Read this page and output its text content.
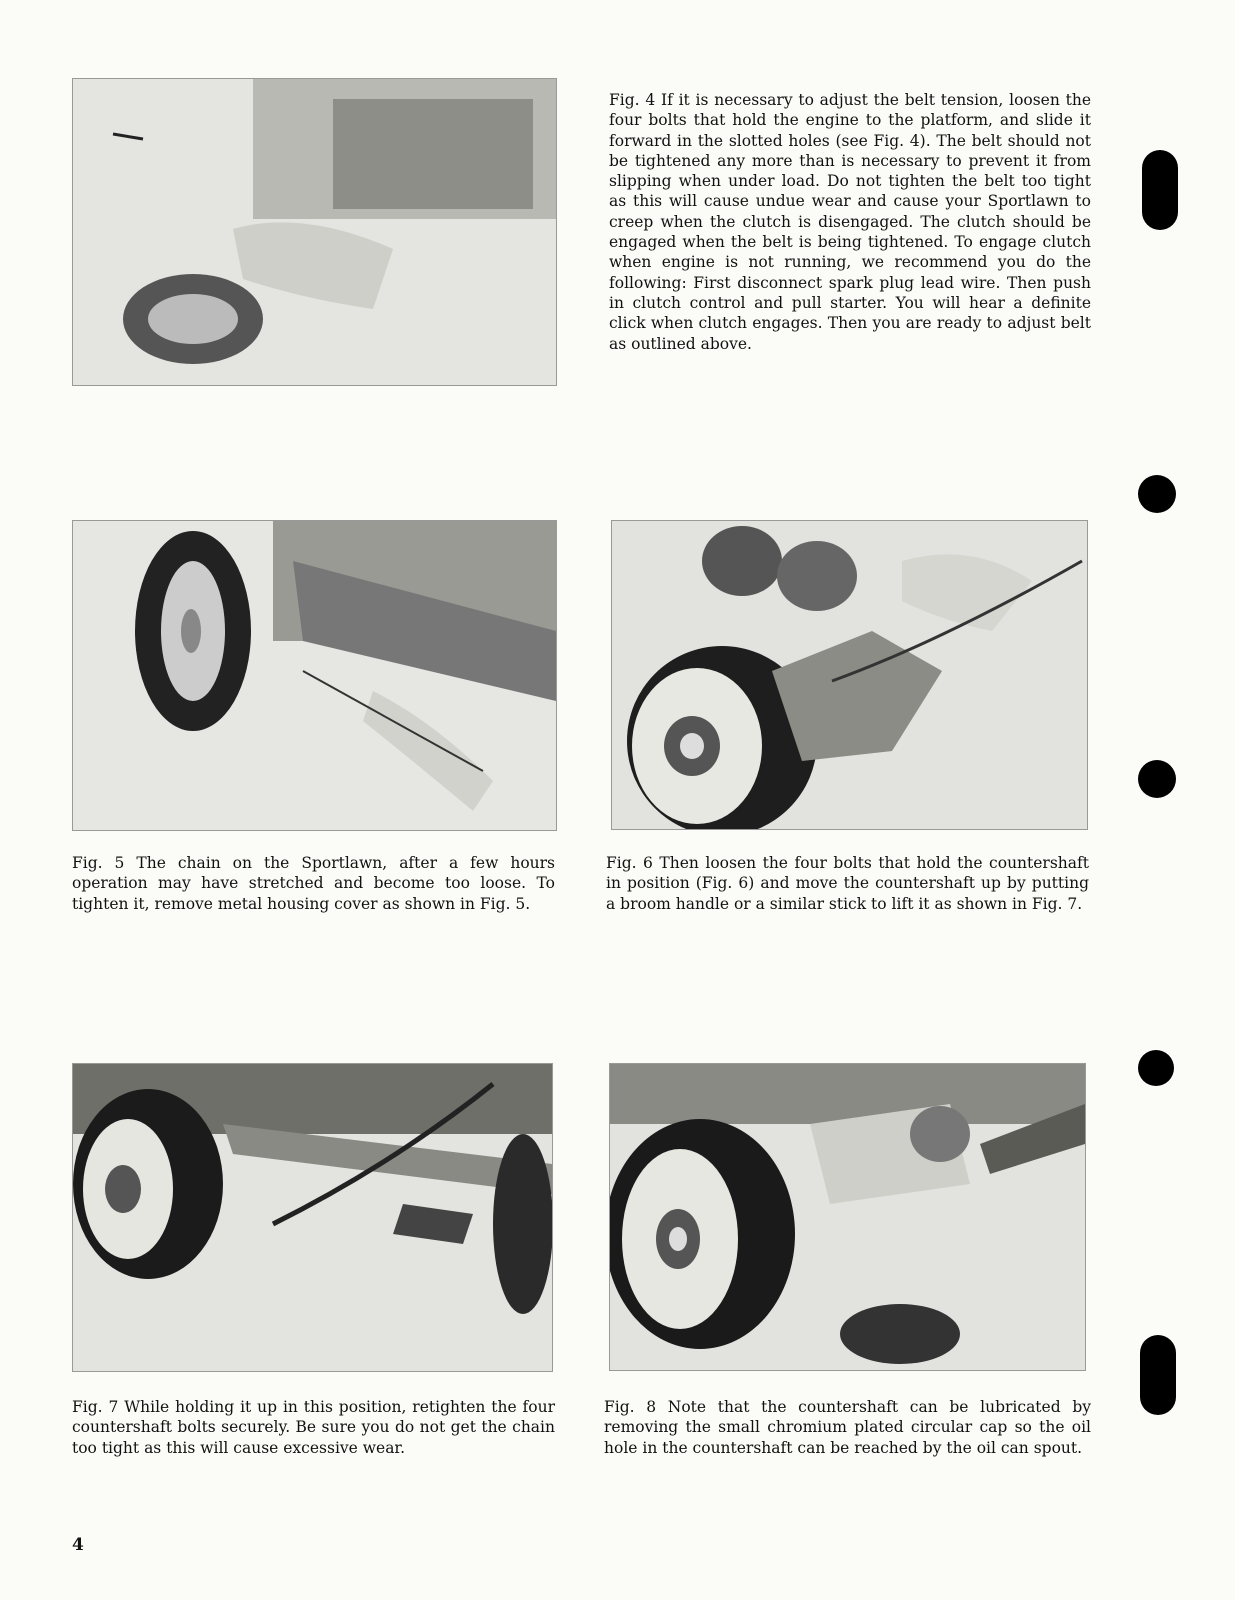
Fig. 4 If it is necessary to adjust the belt tension, loosen the four bolts that hold the engine to the platform, and slide it forward in the slotted holes (see Fig. 4). The belt should not be tightened any more than is necessary to prevent it from slipping when under load. Do not tighten the belt too tight as this will cause undue wear and cause your Sportlawn to creep when the clutch is disengaged. The clutch should be engaged when the belt is being tightened. To engage clutch when engine is not running, we recommend you do the following: First disconnect spark plug lead wire. Then push in clutch control and pull starter. You will hear a definite click when clutch engages. Then you are ready to adjust belt as outlined above.

Fig. 5 The chain on the Sportlawn, after a few hours operation may have stretched and become too loose. To tighten it, remove metal housing cover as shown in Fig. 5.

Fig. 6 Then loosen the four bolts that hold the countershaft in position (Fig. 6) and move the countershaft up by putting a broom handle or a similar stick to lift it as shown in Fig. 7.

Fig. 7 While holding it up in this position, retighten the four countershaft bolts securely. Be sure you do not get the chain too tight as this will cause excessive wear.

Fig. 8 Note that the countershaft can be lubricated by removing the small chromium plated circular cap so the oil hole in the countershaft can be reached by the oil can spout.

4
